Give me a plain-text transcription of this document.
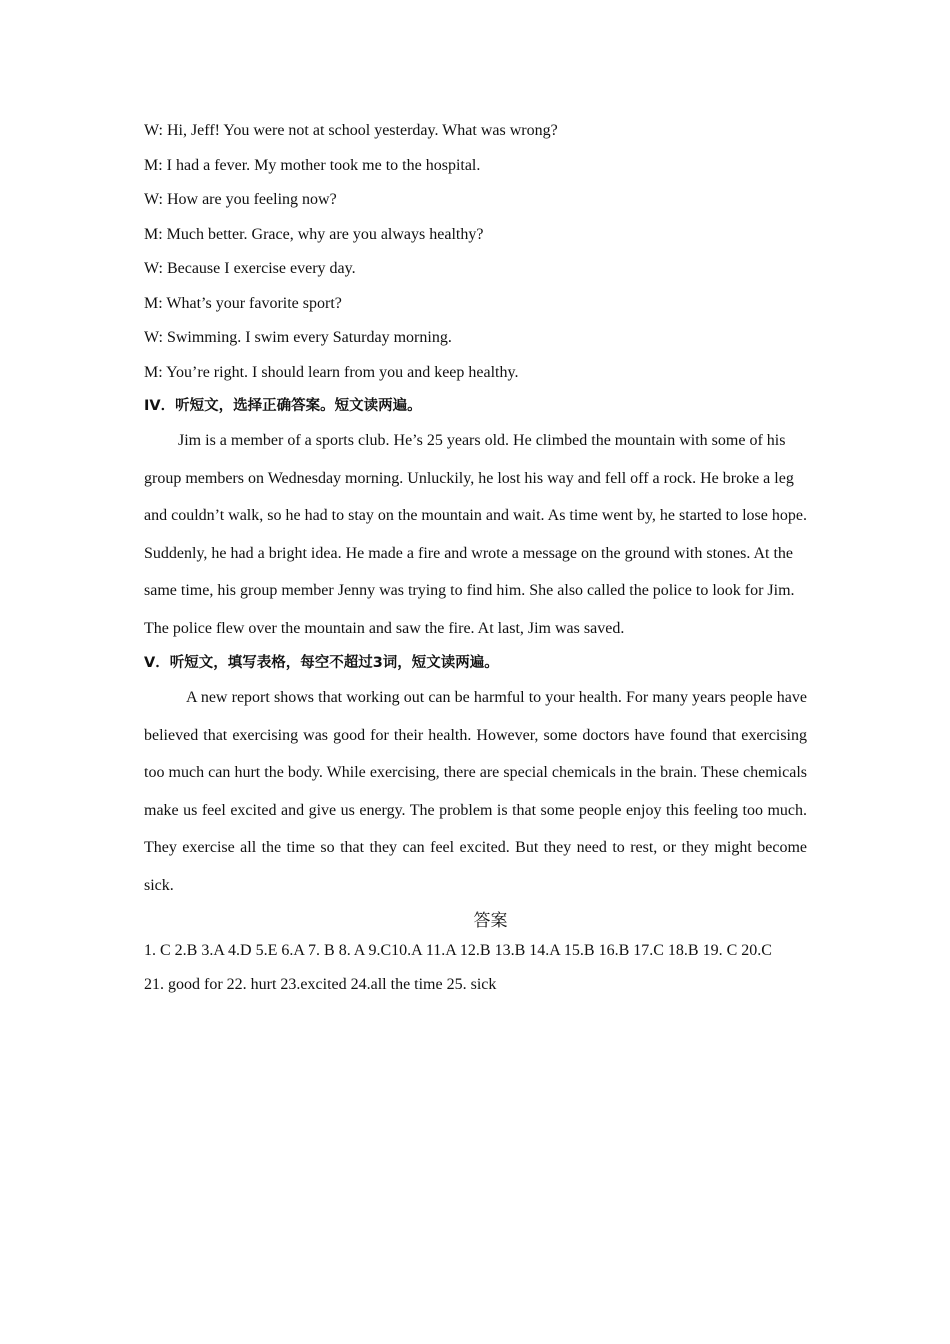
W: Hi, Jeff! You were not at school yesterday. What was wrong?
M: I had a fever. My mother took me to the hospital.
W: How are you feeling now?
M: Much better. Grace, why are you always healthy?
W: Because I exercise every day.
M: What’s your favorite sport?
W: Swimming. I swim every Saturday morning.
M: You’re right. I should learn from you and keep healthy.
IV．听短文，选择正确答案。短文读两遍。

Jim is a member of a sports club. He’s 25 years old. He climbed the mountain with some of his group members on Wednesday morning. Unluckily, he lost his way and fell off a rock. He broke a leg and couldn’t walk, so he had to stay on the mountain and wait. As time went by, he started to lose hope. Suddenly, he had a bright idea. He made a fire and wrote a message on the ground with stones. At the same time, his group member Jenny was trying to find him. She also called the police to look for Jim. The police flew over the mountain and saw the fire. At last, Jim was saved.

V．听短文，填写表格，每空不超过3词，短文读两遍。

A new report shows that working out can be harmful to your health. For many years people have believed that exercising was good for their health. However, some doctors have found that exercising too much can hurt the body. While exercising, there are special chemicals in the brain. These chemicals make us feel excited and give us energy. The problem is that some people enjoy this feeling too much. They exercise all the time so that they can feel excited. But they need to rest, or they might become sick.

答案
1. C 2.B 3.A 4.D 5.E 6.A 7. B 8. A 9.C10.A 11.A 12.B 13.B 14.A 15.B 16.B 17.C 18.B 19. C 20.C
21. good for 22. hurt 23.excited 24.all the time 25. sick
